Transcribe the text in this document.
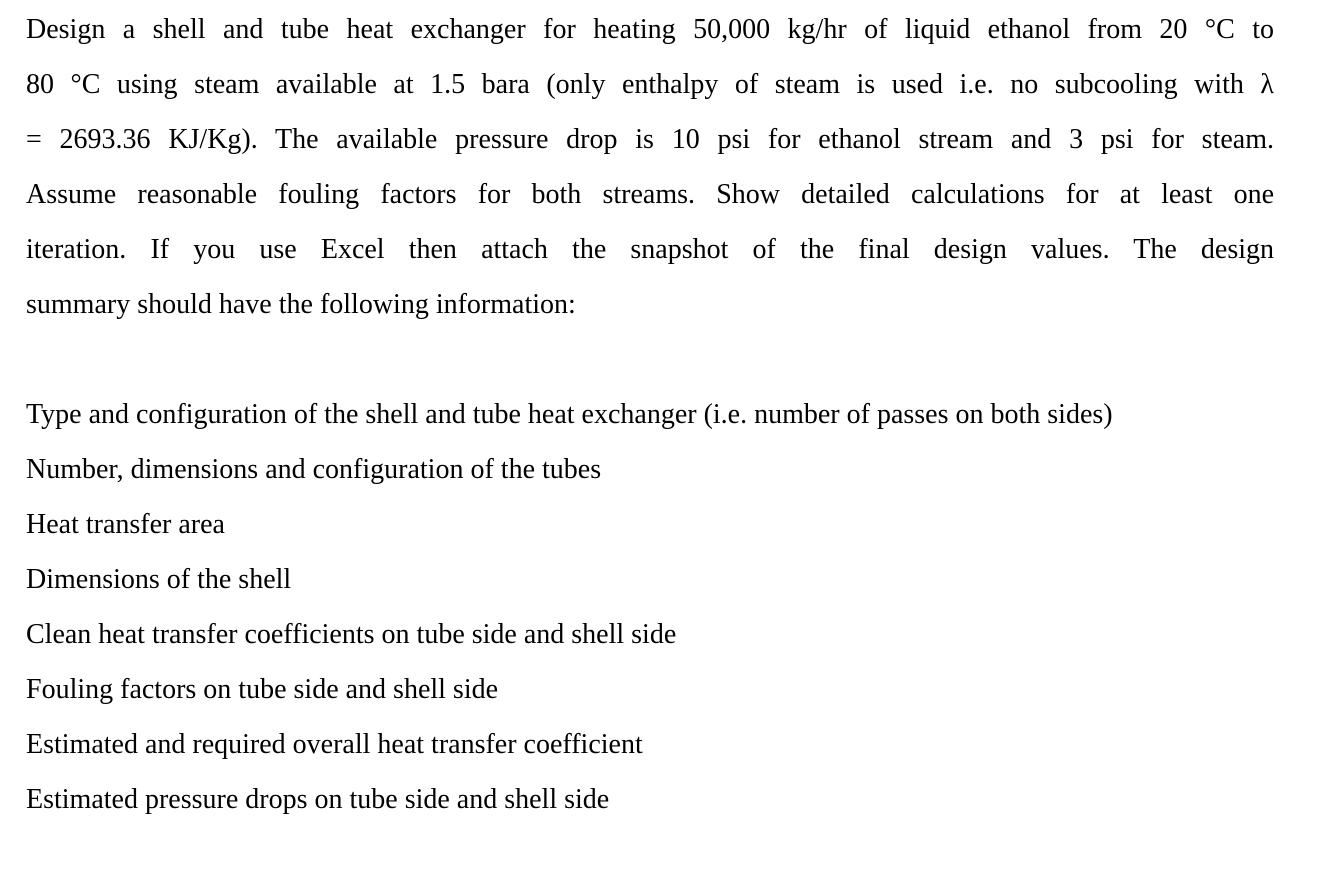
Design a shell and tube heat exchanger for heating 50,000 kg/hr of liquid ethanol from 20 °C to
80 °C using steam available at 1.5 bara (only enthalpy of steam is used i.e. no subcooling with λ
= 2693.36 KJ/Kg). The available pressure drop is 10 psi for ethanol stream and 3 psi for steam.
Assume reasonable fouling factors for both streams. Show detailed calculations for at least one
iteration. If you use Excel then attach the snapshot of the final design values. The design
summary should have the following information:
Type and configuration of the shell and tube heat exchanger (i.e. number of passes on both sides)
Number, dimensions and configuration of the tubes
Heat transfer area
Dimensions of the shell
Clean heat transfer coefficients on tube side and shell side
Fouling factors on tube side and shell side
Estimated and required overall heat transfer coefficient
Estimated pressure drops on tube side and shell side
